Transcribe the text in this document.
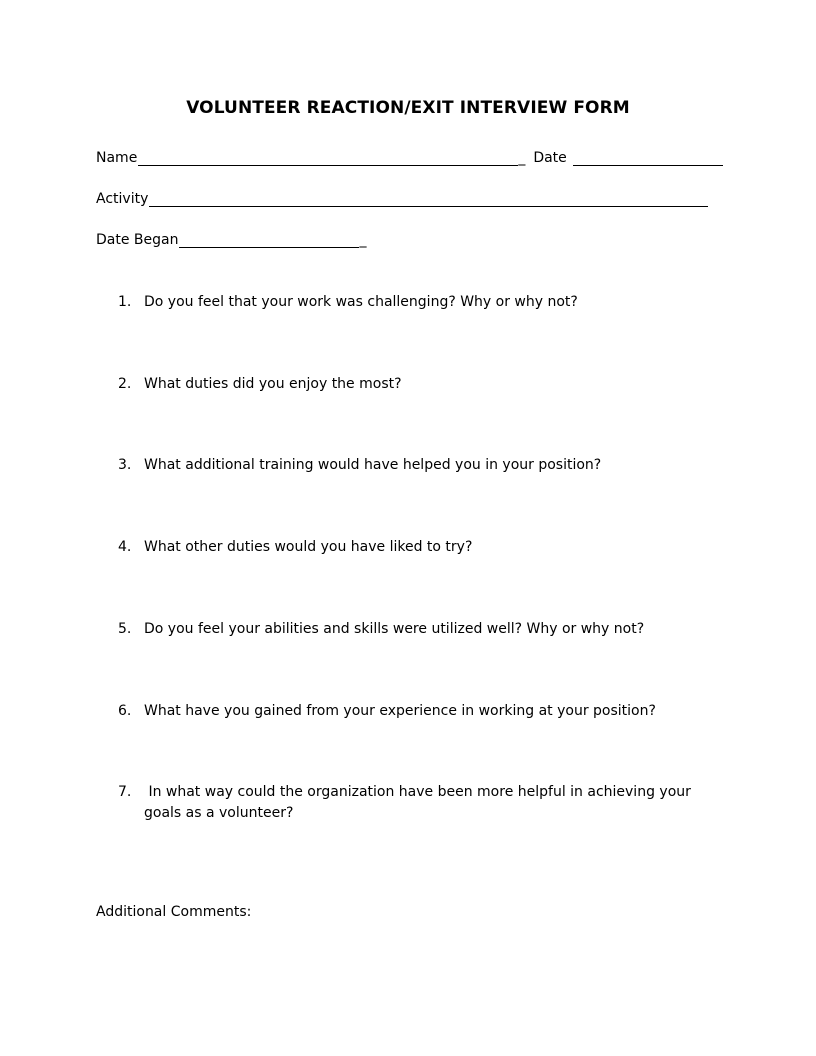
VOLUNTEER REACTION/EXIT INTERVIEW FORM
Name	_ Date
Activity
Date Began	_
1. Do you feel that your work was challenging? Why or why not?
2. What duties did you enjoy the most?
3. What additional training would have helped you in your position?
4. What other duties would you have liked to try?
5. Do you feel your abilities and skills were utilized well? Why or why not?
6. What have you gained from your experience in working at your position?
7. In what way could the organization have been more helpful in achieving your goals as a volunteer?
Additional Comments:
